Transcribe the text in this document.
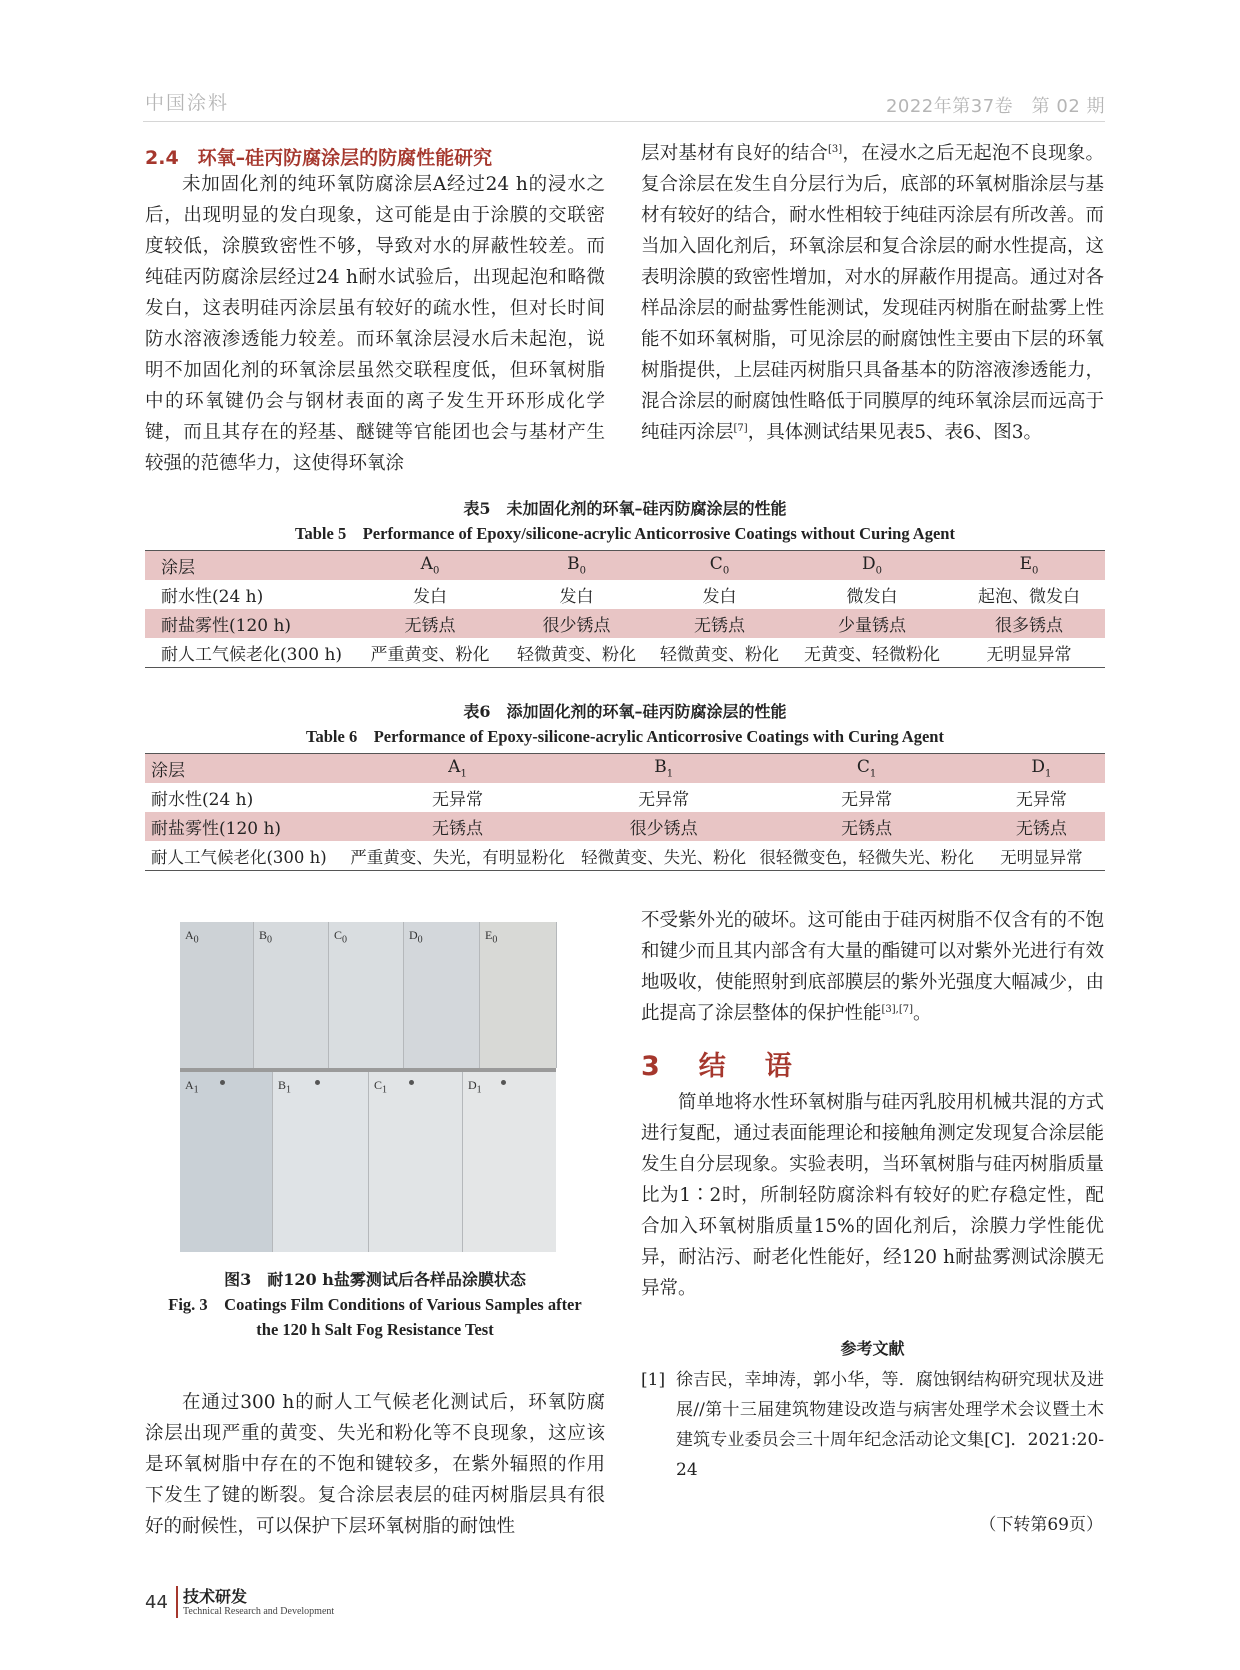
中国涂料	2022年第37卷　第 02 期
2.4　环氧–硅丙防腐涂层的防腐性能研究

未加固化剂的纯环氧防腐涂层A经过24 h的浸水之后，出现明显的发白现象，这可能是由于涂膜的交联密度较低，涂膜致密性不够，导致对水的屏蔽性较差。而纯硅丙防腐涂层经过24 h耐水试验后，出现起泡和略微发白，这表明硅丙涂层虽有较好的疏水性，但对长时间防水溶液渗透能力较差。而环氧涂层浸水后未起泡，说明不加固化剂的环氧涂层虽然交联程度低，但环氧树脂中的环氧键仍会与钢材表面的离子发生开环形成化学键，而且其存在的羟基、醚键等官能团也会与基材产生较强的范德华力，这使得环氧涂

层对基材有良好的结合[3]，在浸水之后无起泡不良现象。复合涂层在发生自分层行为后，底部的环氧树脂涂层与基材有较好的结合，耐水性相较于纯硅丙涂层有所改善。而当加入固化剂后，环氧涂层和复合涂层的耐水性提高，这表明涂膜的致密性增加，对水的屏蔽作用提高。通过对各样品涂层的耐盐雾性能测试，发现硅丙树脂在耐盐雾上性能不如环氧树脂，可见涂层的耐腐蚀性主要由下层的环氧树脂提供，上层硅丙树脂只具备基本的防溶液渗透能力，混合涂层的耐腐蚀性略低于同膜厚的纯环氧涂层而远高于纯硅丙涂层[7]，具体测试结果见表5、表6、图3。

表5　未加固化剂的环氧–硅丙防腐涂层的性能
Table 5　Performance of Epoxy/silicone-acrylic Anticorrosive Coatings without Curing Agent
涂层	$A_0$	$B_0$	$C_0$	$D_0$	$E_0$
耐水性(24 h)	发白	发白	发白	微发白	起泡、微发白
耐盐雾性(120 h)	无锈点	很少锈点	无锈点	少量锈点	很多锈点
耐人工气候老化(300 h)	严重黄变、粉化	轻微黄变、粉化	轻微黄变、粉化	无黄变、轻微粉化	无明显异常
表6　添加固化剂的环氧–硅丙防腐涂层的性能
Table 6　Performance of Epoxy-silicone-acrylic Anticorrosive Coatings with Curing Agent
涂层	$A_1$	$B_1$	$C_1$	$D_1$
耐水性(24 h)	无异常	无异常	无异常	无异常
耐盐雾性(120 h)	无锈点	很少锈点	无锈点	无锈点
耐人工气候老化(300 h)	严重黄变、失光，有明显粉化	轻微黄变、失光、粉化	很轻微变色，轻微失光、粉化	无明显异常
$A_0$	$B_0$	$C_0$	$D_0$	$E_0$
$A_1$	$B_1$	$C_1$	$D_1$
图3　耐120 h盐雾测试后各样品涂膜状态
Fig. 3　Coatings Film Conditions of Various Samples after
the 120 h Salt Fog Resistance Test

在通过300 h的耐人工气候老化测试后，环氧防腐涂层出现严重的黄变、失光和粉化等不良现象，这应该是环氧树脂中存在的不饱和键较多，在紫外辐照的作用下发生了键的断裂。复合涂层表层的硅丙树脂层具有很好的耐候性，可以保护下层环氧树脂的耐蚀性

不受紫外光的破坏。这可能由于硅丙树脂不仅含有的不饱和键少而且其内部含有大量的酯键可以对紫外光进行有效地吸收，使能照射到底部膜层的紫外光强度大幅减少，由此提高了涂层整体的保护性能[3],[7]。

3　结　语

简单地将水性环氧树脂与硅丙乳胶用机械共混的方式进行复配，通过表面能理论和接触角测定发现复合涂层能发生自分层现象。实验表明，当环氧树脂与硅丙树脂质量比为1∶2时，所制轻防腐涂料有较好的贮存稳定性，配合加入环氧树脂质量15%的固化剂后，涂膜力学性能优异，耐沾污、耐老化性能好，经120 h耐盐雾测试涂膜无异常。

参考文献
[1] 徐吉民，幸坤涛，郭小华，等．腐蚀钢结构研究现状及进展//第十三届建筑物建设改造与病害处理学术会议暨土木建筑专业委员会三十周年纪念活动论文集[C]．2021:20-24
（下转第69页）
44 技术研发
Technical Research and Development
